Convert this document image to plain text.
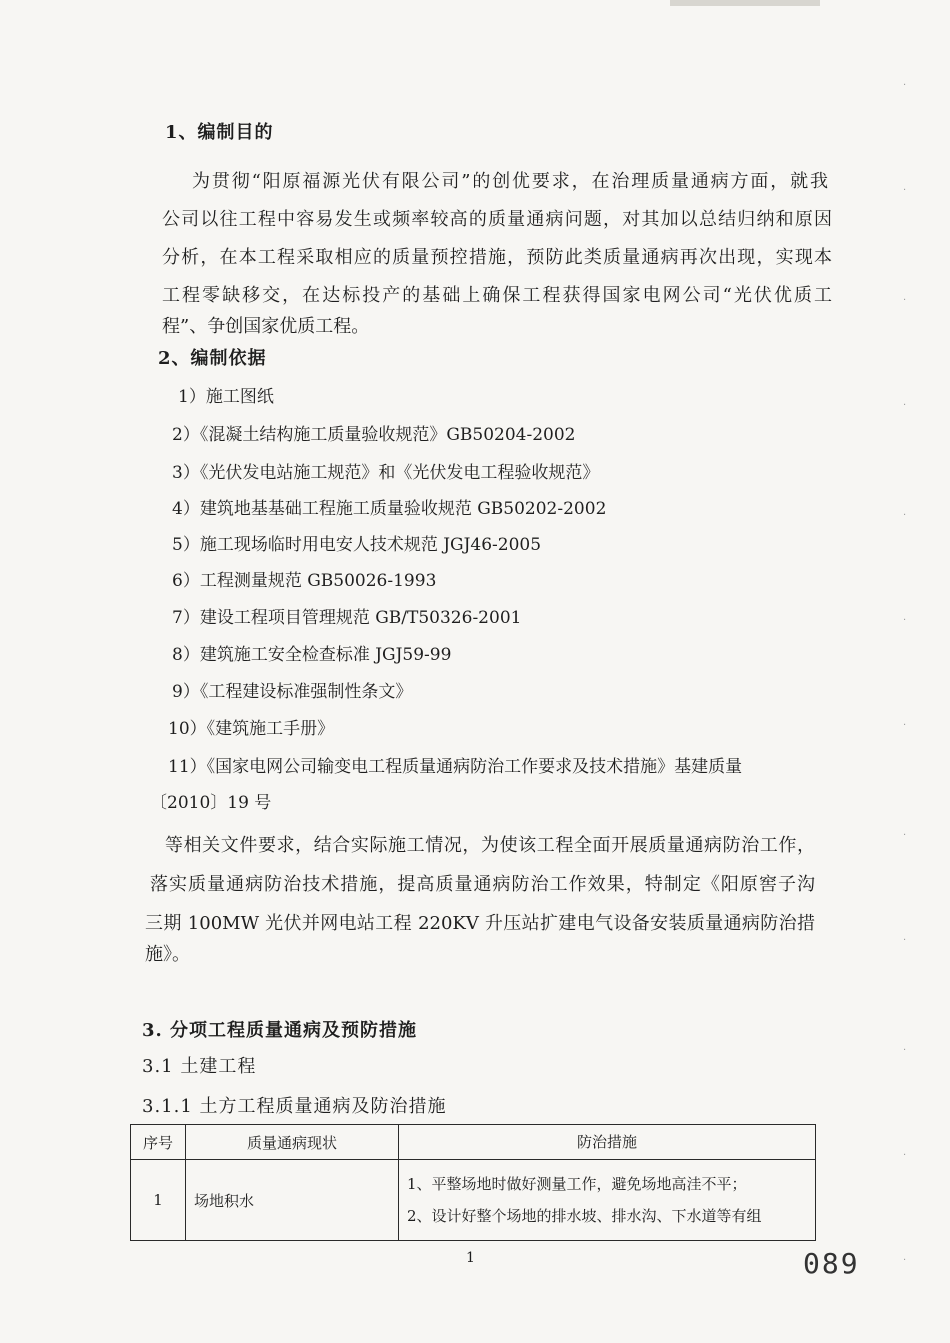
1、编制目的
为贯彻“阳原福源光伏有限公司”的创优要求，在治理质量通病方面，就我
公司以往工程中容易发生或频率较高的质量通病问题，对其加以总结归纳和原因
分析，在本工程采取相应的质量预控措施，预防此类质量通病再次出现，实现本
工程零缺移交，在达标投产的基础上确保工程获得国家电网公司“光伏优质工
程”、争创国家优质工程。
2、编制依据
1）施工图纸
2）《混凝土结构施工质量验收规范》GB50204-2002
3）《光伏发电站施工规范》和《光伏发电工程验收规范》
4）建筑地基基础工程施工质量验收规范 GB50202-2002
5）施工现场临时用电安人技术规范 JGJ46-2005
6）工程测量规范 GB50026-1993
7）建设工程项目管理规范 GB/T50326-2001
8）建筑施工安全检查标准 JGJ59-99
9）《工程建设标准强制性条文》
10）《建筑施工手册》
11）《国家电网公司输变电工程质量通病防治工作要求及技术措施》基建质量
〔2010〕19 号
等相关文件要求，结合实际施工情况，为使该工程全面开展质量通病防治工作，
落实质量通病防治技术措施，提高质量通病防治工作效果，特制定《阳原窖子沟
三期 100MW 光伏并网电站工程 220KV 升压站扩建电气设备安装质量通病防治措
施》。
3. 分项工程质量通病及预防措施
3.1 土建工程
3.1.1 土方工程质量通病及防治措施
序号	质量通病现状	防治措施
1	场地积水	1、平整场地时做好测量工作，避免场地高洼不平；
2、设计好整个场地的排水坡、排水沟、下水道等有组
1	089
·
·
·
·
·
·
·
·
·
·
·
·
